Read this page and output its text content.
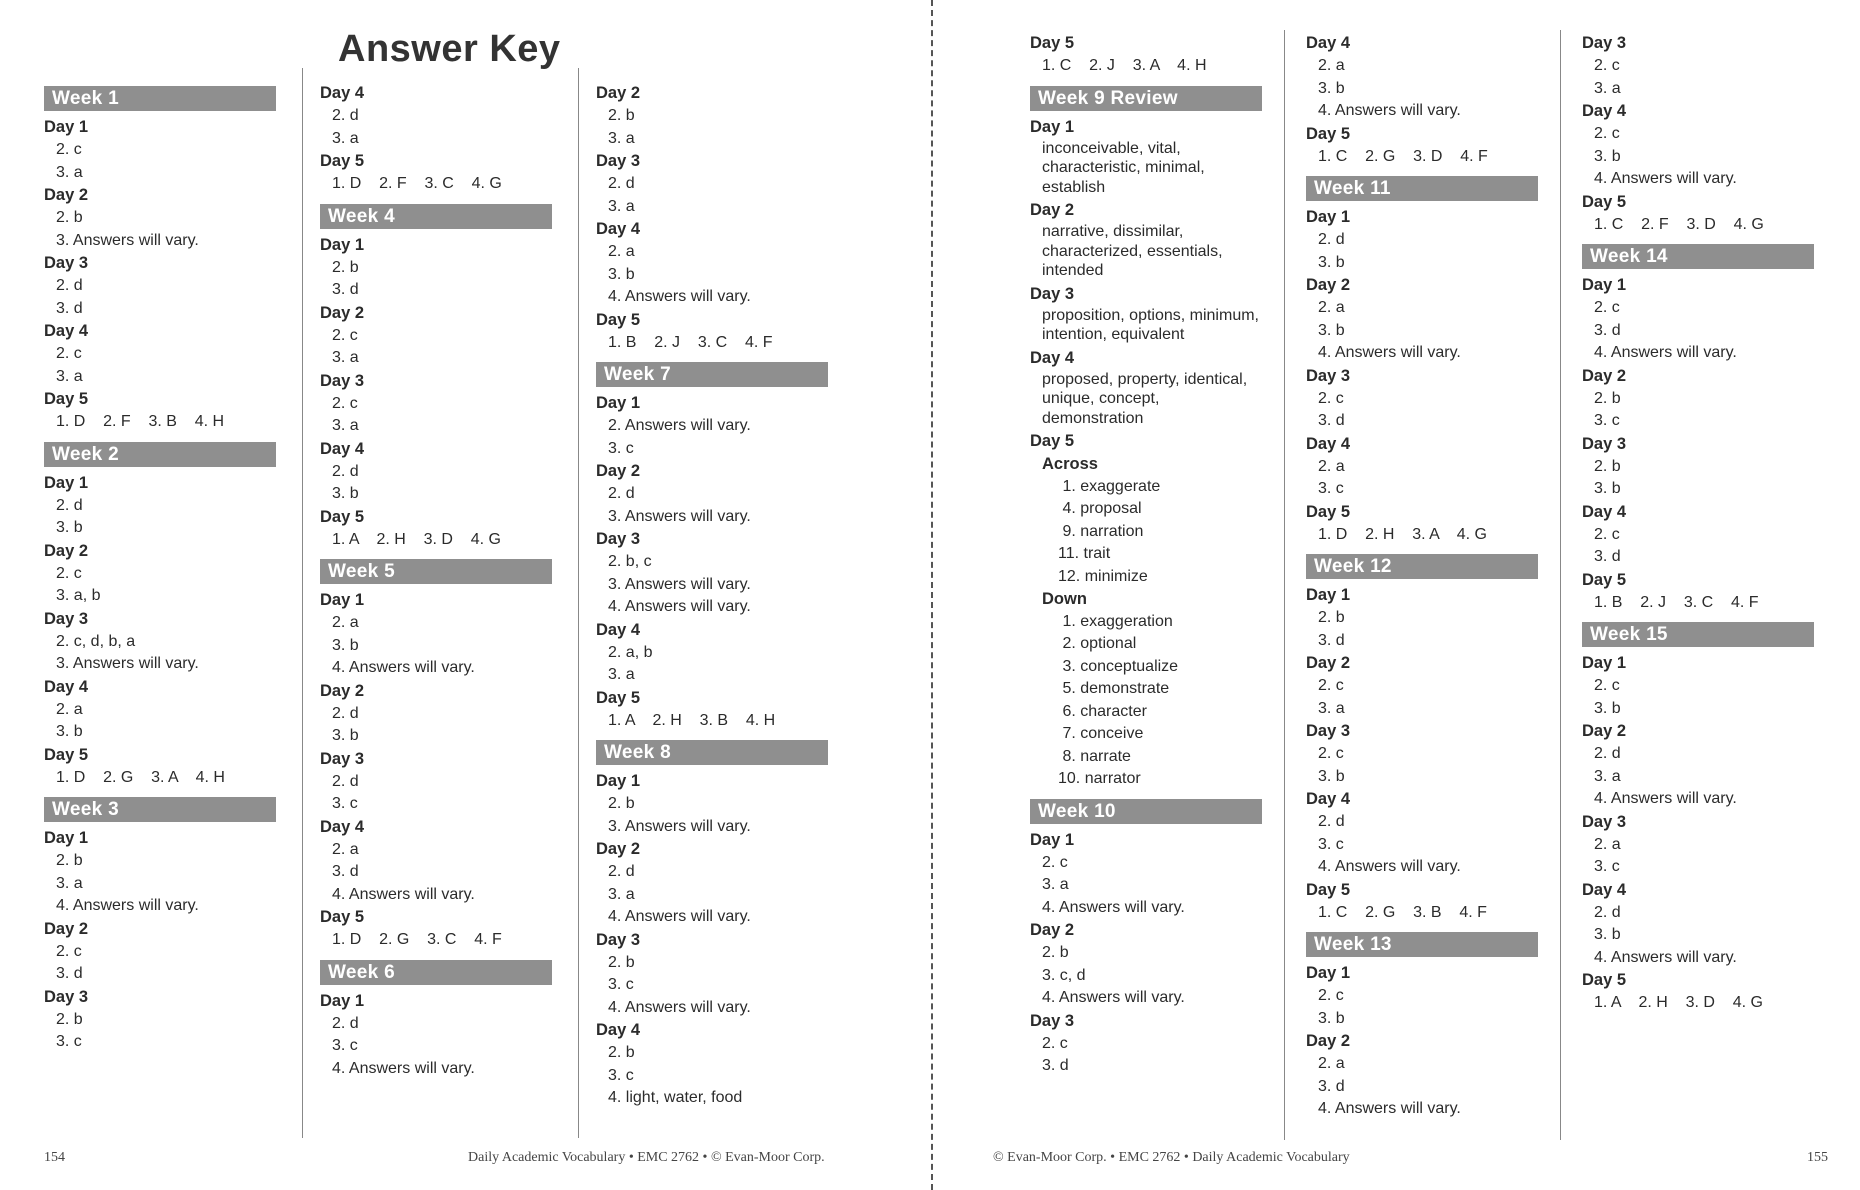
Answer Key
154	Daily Academic Vocabulary • EMC 2762 • © Evan-Moor Corp.	© Evan-Moor Corp. • EMC 2762 • Daily Academic Vocabulary	155
Week 1
Day 1
2. c
3. a
Day 2
2. b
3. Answers will vary.
Day 3
2. d
3. d
Day 4
2. c
3. a
Day 5
1. D    2. F    3. B    4. H
Week 2
Day 1
2. d
3. b
Day 2
2. c
3. a, b
Day 3
2. c, d, b, a
3. Answers will vary.
Day 4
2. a
3. b
Day 5
1. D    2. G    3. A    4. H
Week 3
Day 1
2. b
3. a
4. Answers will vary.
Day 2
2. c
3. d
Day 3
2. b
3. c
Day 4
2. d
3. a
Day 5
1. D    2. F    3. C    4. G
Week 4
Day 1
2. b
3. d
Day 2
2. c
3. a
Day 3
2. c
3. a
Day 4
2. d
3. b
Day 5
1. A    2. H    3. D    4. G
Week 5
Day 1
2. a
3. b
4. Answers will vary.
Day 2
2. d
3. b
Day 3
2. d
3. c
Day 4
2. a
3. d
4. Answers will vary.
Day 5
1. D    2. G    3. C    4. F
Week 6
Day 1
2. d
3. c
4. Answers will vary.
Day 2
2. b
3. a
Day 3
2. d
3. a
Day 4
2. a
3. b
4. Answers will vary.
Day 5
1. B    2. J    3. C    4. F
Week 7
Day 1
2. Answers will vary.
3. c
Day 2
2. d
3. Answers will vary.
Day 3
2. b, c
3. Answers will vary.
4. Answers will vary.
Day 4
2. a, b
3. a
Day 5
1. A    2. H    3. B    4. H
Week 8
Day 1
2. b
3. Answers will vary.
Day 2
2. d
3. a
4. Answers will vary.
Day 3
2. b
3. c
4. Answers will vary.
Day 4
2. b
3. c
4. light, water, food
Day 5
1. C    2. J    3. A    4. H
Week 9 Review
Day 1
inconceivable, vital, characteristic, minimal, establish
Day 2
narrative, dissimilar, characterized, essentials, intended
Day 3
proposition, options, minimum, intention, equivalent
Day 4
proposed, property, identical, unique, concept, demonstration
Day 5
Across
1. exaggerate
4. proposal
9. narration
11. trait
12. minimize
Down
1. exaggeration
2. optional
3. conceptualize
5. demonstrate
6. character
7. conceive
8. narrate
10. narrator
Week 10
Day 1
2. c
3. a
4. Answers will vary.
Day 2
2. b
3. c, d
4. Answers will vary.
Day 3
2. c
3. d
Day 4
2. a
3. b
4. Answers will vary.
Day 5
1. C    2. G    3. D    4. F
Week 11
Day 1
2. d
3. b
Day 2
2. a
3. b
4. Answers will vary.
Day 3
2. c
3. d
Day 4
2. a
3. c
Day 5
1. D    2. H    3. A    4. G
Week 12
Day 1
2. b
3. d
Day 2
2. c
3. a
Day 3
2. c
3. b
Day 4
2. d
3. c
4. Answers will vary.
Day 5
1. C    2. G    3. B    4. F
Week 13
Day 1
2. c
3. b
Day 2
2. a
3. d
4. Answers will vary.
Day 3
2. c
3. a
Day 4
2. c
3. b
4. Answers will vary.
Day 5
1. C    2. F    3. D    4. G
Week 14
Day 1
2. c
3. d
4. Answers will vary.
Day 2
2. b
3. c
Day 3
2. b
3. b
Day 4
2. c
3. d
Day 5
1. B    2. J    3. C    4. F
Week 15
Day 1
2. c
3. b
Day 2
2. d
3. a
4. Answers will vary.
Day 3
2. a
3. c
Day 4
2. d
3. b
4. Answers will vary.
Day 5
1. A    2. H    3. D    4. G
